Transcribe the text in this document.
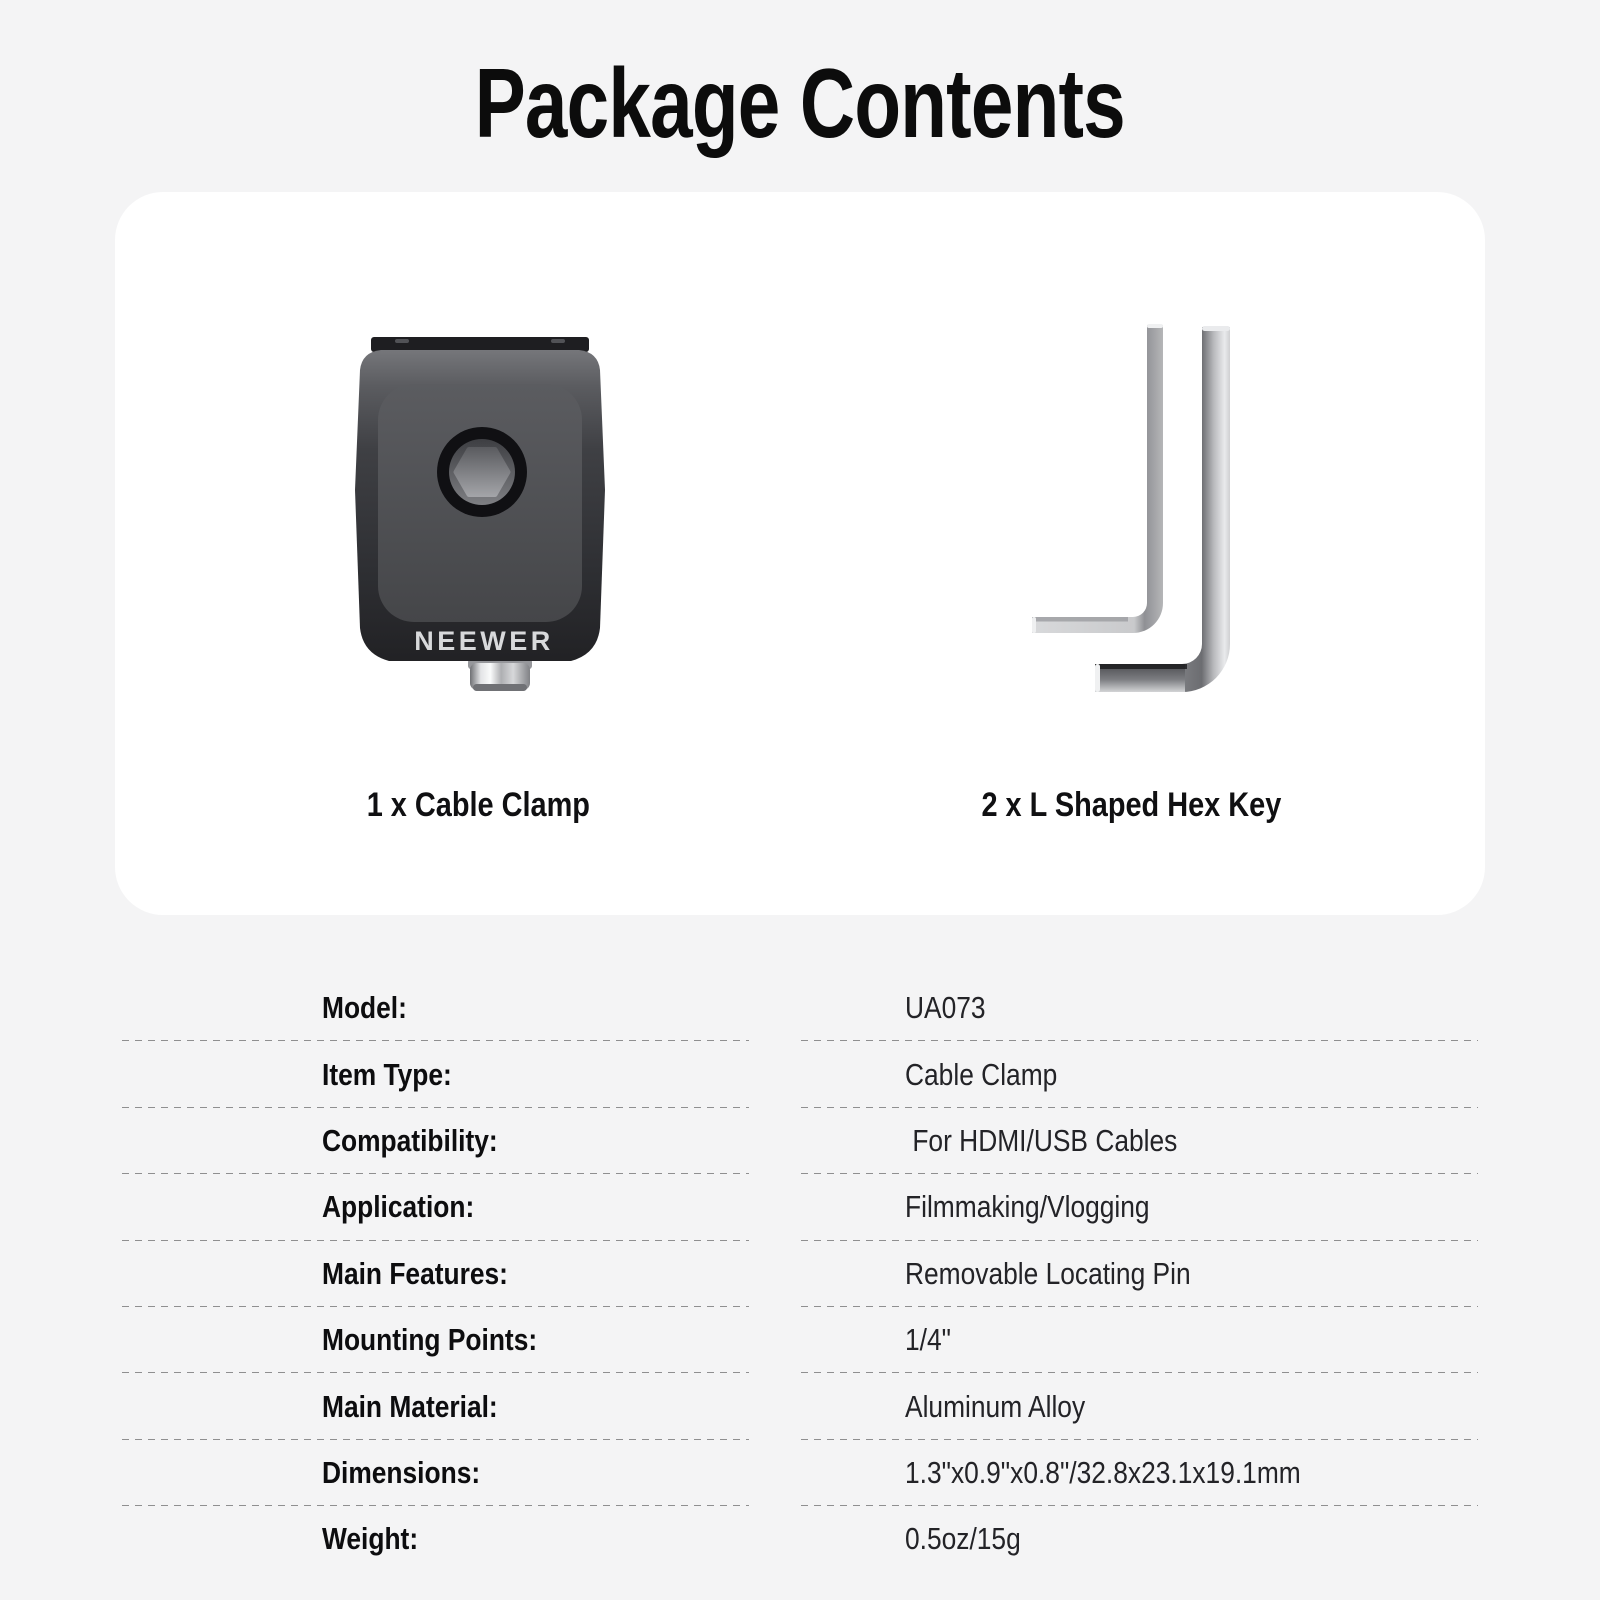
Package Contents
NEEWER
1 x Cable Clamp	2 x L Shaped Hex Key
Model:	UA073
Item Type:	Cable Clamp
Compatibility:	For HDMI/USB Cables
Application:	Filmmaking/Vlogging
Main Features:	Removable Locating Pin
Mounting Points:	1/4"
Main Material:	Aluminum Alloy
Dimensions:	1.3"x0.9"x0.8"/32.8x23.1x19.1mm
Weight:	0.5oz/15g
